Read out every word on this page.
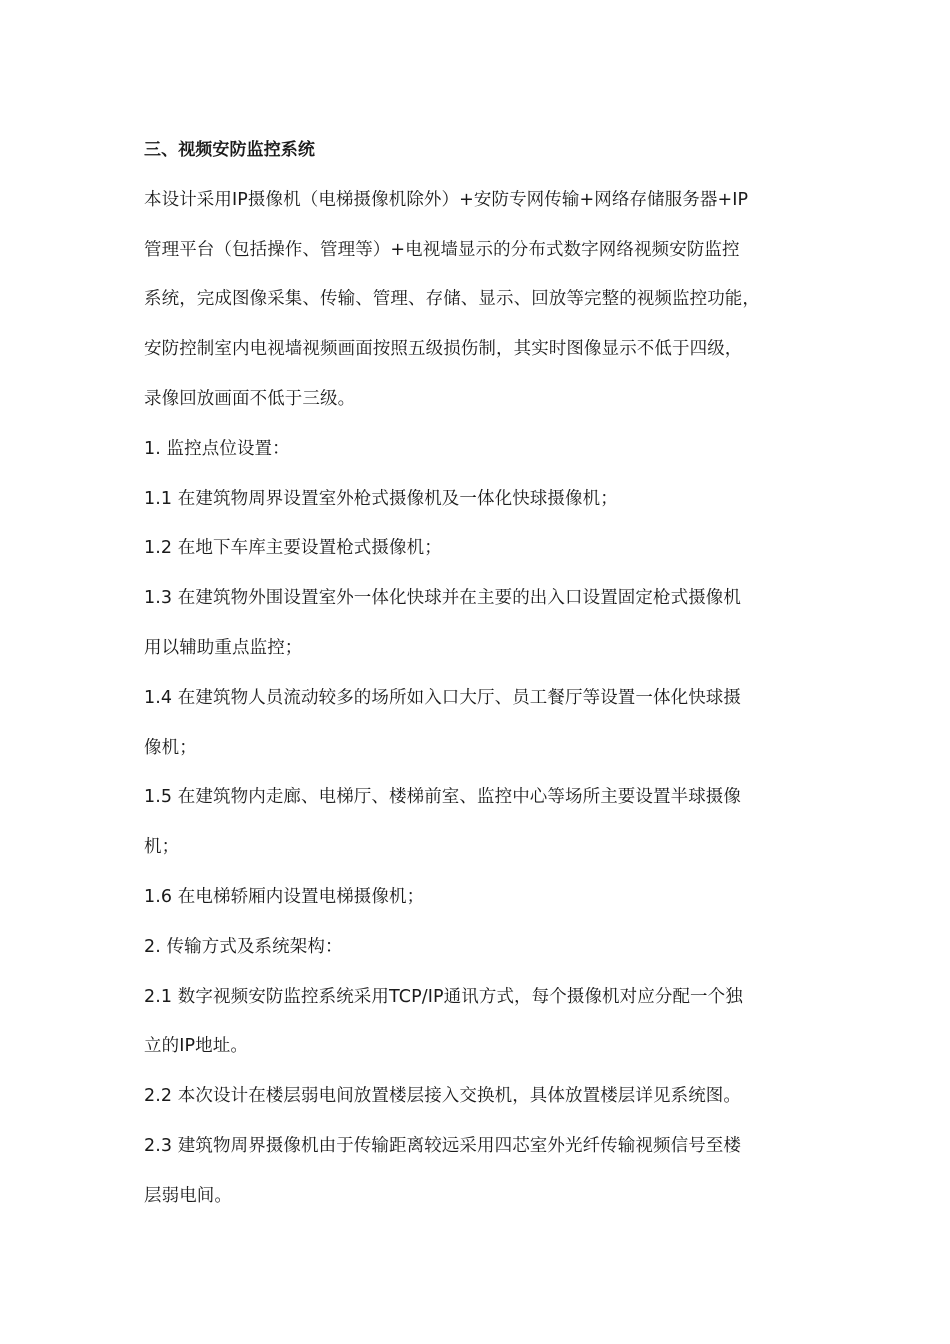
三、视频安防监控系统
本设计采用IP摄像机（电梯摄像机除外）+安防专网传输+网络存储服务器+IP
管理平台（包括操作、管理等）+电视墙显示的分布式数字网络视频安防监控
系统，完成图像采集、传输、管理、存储、显示、回放等完整的视频监控功能，
安防控制室内电视墙视频画面按照五级损伤制，其实时图像显示不低于四级，
录像回放画面不低于三级。
1. 监控点位设置：
1.1 在建筑物周界设置室外枪式摄像机及一体化快球摄像机；
1.2 在地下车库主要设置枪式摄像机；
1.3 在建筑物外围设置室外一体化快球并在主要的出入口设置固定枪式摄像机
用以辅助重点监控；
1.4 在建筑物人员流动较多的场所如入口大厅、员工餐厅等设置一体化快球摄
像机；
1.5 在建筑物内走廊、电梯厅、楼梯前室、监控中心等场所主要设置半球摄像
机；
1.6 在电梯轿厢内设置电梯摄像机；
2. 传输方式及系统架构：
2.1 数字视频安防监控系统采用TCP/IP通讯方式，每个摄像机对应分配一个独
立的IP地址。
2.2 本次设计在楼层弱电间放置楼层接入交换机，具体放置楼层详见系统图。
2.3 建筑物周界摄像机由于传输距离较远采用四芯室外光纤传输视频信号至楼
层弱电间。
